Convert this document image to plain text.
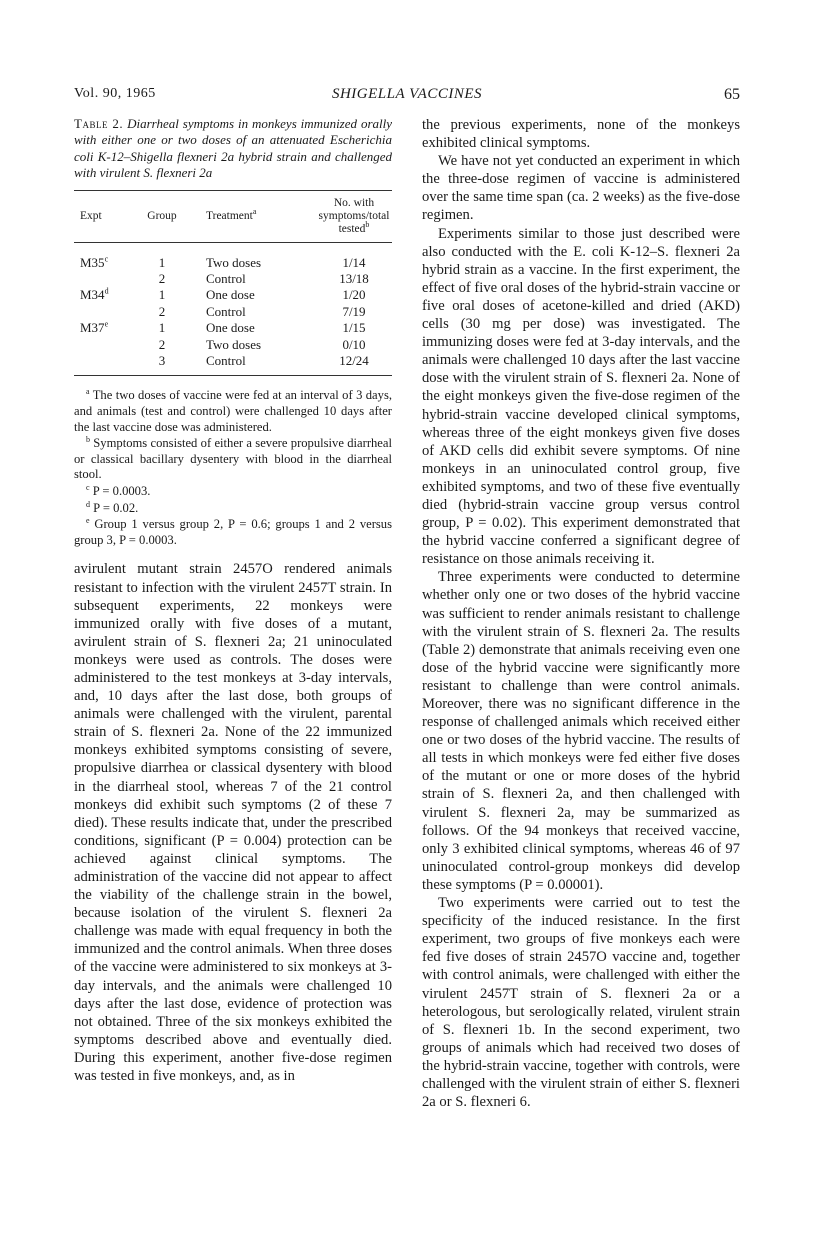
Vol. 90, 1965	SHIGELLA VACCINES	65
Table 2. Diarrheal symptoms in monkeys immunized orally with either one or two doses of an attenuated Escherichia coli K-12–Shigella flexneri 2a hybrid strain and challenged with virulent S. flexneri 2a
Expt	Group	Treatment$^a$	No. with symptoms/total tested$^b$
M35$^c$	1	Two doses	1/14
	2	Control	13/18
M34$^d$	1	One dose	1/20
	2	Control	7/19
M37e	1	One dose	1/15
	2	Two doses	0/10
	3	Control	12/24

$^a$ The two doses of vaccine were fed at an interval of 3 days, and animals (test and control) were challenged 10 days after the last vaccine dose was administered.

$^b$ Symptoms consisted of either a severe propulsive diarrheal or classical bacillary dysentery with blood in the diarrheal stool.

$^c$ P = 0.0003.

$^d$ P = 0.02.

$^e$ Group 1 versus group 2, P = 0.6; groups 1 and 2 versus group 3, P = 0.0003.

avirulent mutant strain 2457O rendered animals resistant to infection with the virulent 2457T strain. In subsequent experiments, 22 monkeys were immunized orally with five doses of a mutant, avirulent strain of S. flexneri 2a; 21 uninoculated monkeys were used as controls. The doses were administered to the test monkeys at 3-day intervals, and, 10 days after the last dose, both groups of animals were challenged with the virulent, parental strain of S. flexneri 2a. None of the 22 immunized monkeys exhibited symptoms consisting of severe, propulsive diarrhea or classical dysentery with blood in the diarrheal stool, whereas 7 of the 21 control monkeys did exhibit such symptoms (2 of these 7 died). These results indicate that, under the prescribed conditions, significant (P = 0.004) protection can be achieved against clinical symptoms. The administration of the vaccine did not appear to affect the viability of the challenge strain in the bowel, because isolation of the virulent S. flexneri 2a challenge was made with equal frequency in both the immunized and the control animals. When three doses of the vaccine were administered to six monkeys at 3-day intervals, and the animals were challenged 10 days after the last dose, evidence of protection was not obtained. Three of the six monkeys exhibited the symptoms described above and eventually died. During this experiment, another five-dose regimen was tested in five monkeys, and, as in

the previous experiments, none of the monkeys exhibited clinical symptoms.

We have not yet conducted an experiment in which the three-dose regimen of vaccine is administered over the same time span (ca. 2 weeks) as the five-dose regimen.

Experiments similar to those just described were also conducted with the E. coli K-12–S. flexneri 2a hybrid strain as a vaccine. In the first experiment, the effect of five oral doses of the hybrid-strain vaccine or five oral doses of acetone-killed and dried (AKD) cells (30 mg per dose) was investigated. The immunizing doses were fed at 3-day intervals, and the animals were challenged 10 days after the last vaccine dose with the virulent strain of S. flexneri 2a. None of the eight monkeys given the five-dose regimen of the hybrid-strain vaccine developed clinical symptoms, whereas three of the eight monkeys given five doses of AKD cells did exhibit severe symptoms. Of nine monkeys in an uninoculated control group, five exhibited symptoms, and two of these five eventually died (hybrid-strain vaccine group versus control group, P = 0.02). This experiment demonstrated that the hybrid vaccine conferred a significant degree of resistance on those animals receiving it.

Three experiments were conducted to determine whether only one or two doses of the hybrid vaccine was sufficient to render animals resistant to challenge with the virulent strain of S. flexneri 2a. The results (Table 2) demonstrate that animals receiving even one dose of the hybrid vaccine were significantly more resistant to challenge than were control animals. Moreover, there was no significant difference in the response of challenged animals which received either one or two doses of the hybrid vaccine. The results of all tests in which monkeys were fed either five doses of the mutant or one or more doses of the hybrid strain of S. flexneri 2a, and then challenged with virulent S. flexneri 2a, may be summarized as follows. Of the 94 monkeys that received vaccine, only 3 exhibited clinical symptoms, whereas 46 of 97 uninoculated control-group monkeys did develop these symptoms (P = 0.00001).

Two experiments were carried out to test the specificity of the induced resistance. In the first experiment, two groups of five monkeys each were fed five doses of strain 2457O vaccine and, together with control animals, were challenged with either the virulent 2457T strain of S. flexneri 2a or a heterologous, but serologically related, virulent strain of S. flexneri 1b. In the second experiment, two groups of animals which had received two doses of the hybrid-strain vaccine, together with controls, were challenged with the virulent strain of either S. flexneri 2a or S. flexneri 6.
